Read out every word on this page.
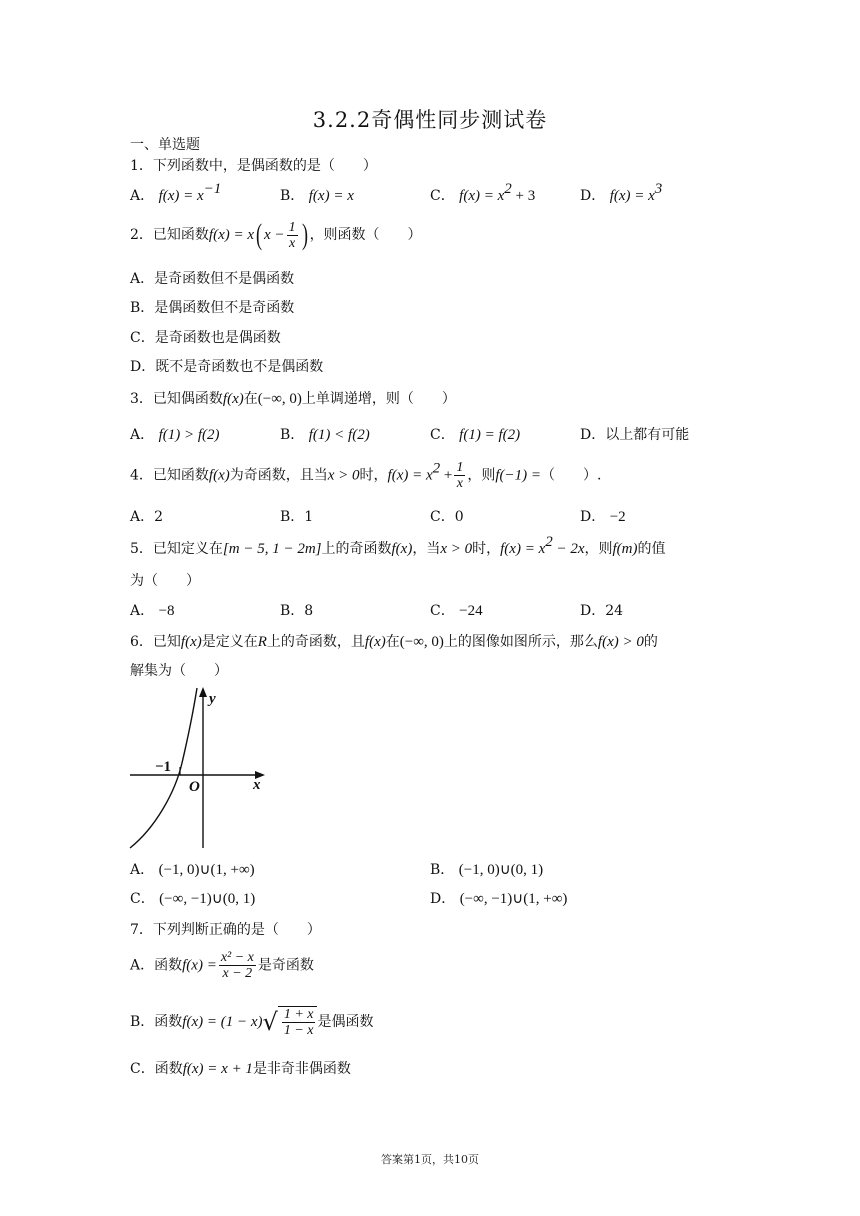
3.2.2奇偶性同步测试卷
一、单选题
1．下列函数中，是偶函数的是（　　）
A． $f(x) = x^{-1}$	B． f(x) = x	C． $f(x) = x^2 + 3$	D． $f(x) = x^3$
2．已知函数f(x) = x( $x - \frac{1}{x}$ ) ，则函数（　　）
A．是奇函数但不是偶函数
B．是偶函数但不是奇函数
C．是奇函数也是偶函数
D．既不是奇函数也不是偶函数
3．已知偶函数f(x)在(−∞, 0)上单调递增，则（　　）
A． f(1) > f(2)	B． f(1) < f(2)	C． f(1) = f(2)	D．以上都有可能
4．已知函数f(x)为奇函数，且当x > 0时，$f(x) = x^2 + \frac{1}{x}$ ，则f(−1) =（　　）.
A．2	B．1	C．0	D． −2
5．已知定义在[m − 5, 1 − 2m]上的奇函数f(x)，当x > 0时，$f(x) = x^2 - 2x$，则f(m)的值
为（　　）
A． −8	B．8	C． −24	D．24
6．已知f(x)是定义在R上的奇函数，且f(x)在(−∞, 0)上的图像如图所示，那么f(x) > 0的
解集为（　　）
−1
O	x
y
A． (−1, 0)∪(1, +∞)	B． (−1, 0)∪(0, 1)
C． (−∞, −1)∪(0, 1)	D． (−∞, −1)∪(1, +∞)
7．下列判断正确的是（　　）
A．函数$f(x) = \frac{\text{x² − x}}{x - 2}$ 是奇函数
B．函数$f(x) = (1 - x)√ \frac{1 + x}{1 - x}$ 是偶函数
C．函数f(x) = x + 1是非奇非偶函数
答案第1页，共10页
